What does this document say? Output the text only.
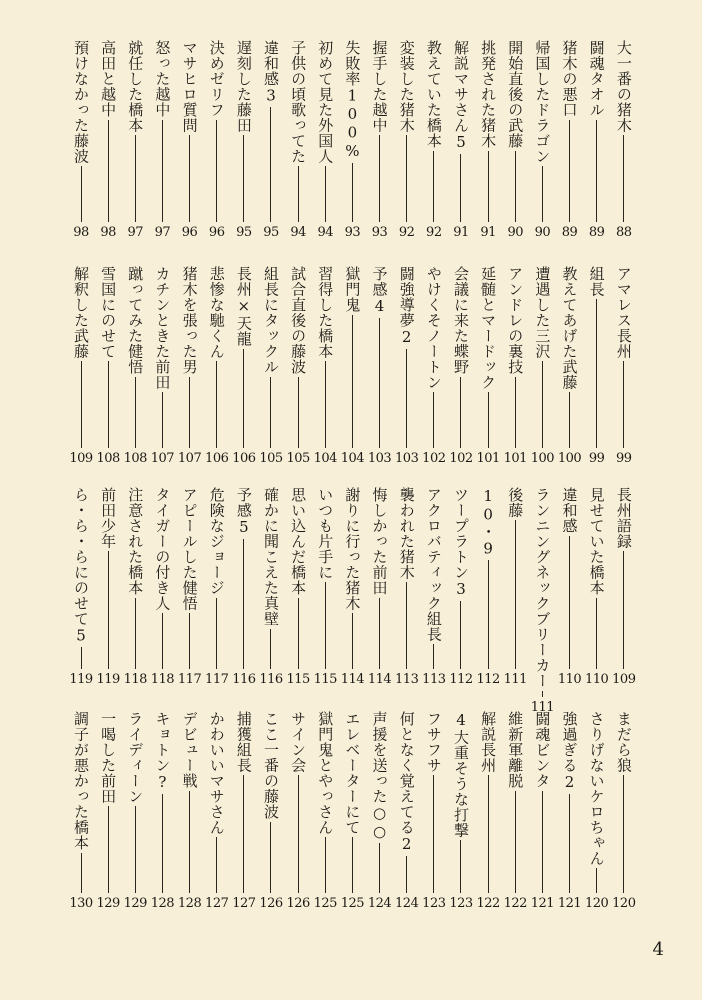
大一番の猪木
88
闘魂タオル
89
猪木の悪口
89
帰国したドラゴン
90
開始直後の武藤
90
挑発された猪木
91
解説マサさん5
91
教えていた橋本
92
変装した猪木
92
握手した越中
93
失敗率100%
93
初めて見た外国人
94
子供の頃歌ってた
94
違和感3
95
遅刻した藤田
95
決めゼリフ
96
マサヒロ質問
96
怒った越中
97
就任した橋本
97
高田と越中
98
預けなかった藤波
98
アマレス長州
99
組長
99
教えてあげた武藤
100
遭遇した三沢
100
アンドレの裏技
101
延髄とマードック
101
会議に来た蝶野
102
やけくそノートン
102
闘強導夢2
103
予感4
103
獄門鬼
104
習得した橋本
104
試合直後の藤波
105
組長にタックル
105
長州×天龍
106
悲惨な馳くん
106
猪木を張った男
107
カチンときた前田
107
蹴ってみた健悟
108
雪国にのせて
108
解釈した武藤
109
長州語録
109
見せていた橋本
110
違和感
110
ランニングネックブリーカー
111
後藤
111
10・9
112
ツープラトン3
112
アクロバティック組長
113
襲われた猪木
113
悔しかった前田
114
謝りに行った猪木
114
いつも片手に
115
思い込んだ橋本
115
確かに聞こえた真壁
116
予感5
116
危険なジョージ
117
アピールした健悟
117
タイガーの付き人
118
注意された橋本
118
前田少年
119
ら・ら・らにのせて5
119
まだら狼
120
さりげないケロちゃん
120
強過ぎる2
121
闘魂ビンタ
121
維新軍離脱
122
解説長州
122
4大重そうな打撃
123
フサフサ
123
何となく覚えてる2
124
声援を送った○○
124
エレベーターにて
125
獄門鬼とやっさん
125
サイン会
126
ここ一番の藤波
126
捕獲組長
127
かわいいマサさん
127
デビュー戦
128
キョトン?
128
ライディーン
129
一喝した前田
129
調子が悪かった橋本
130
4
